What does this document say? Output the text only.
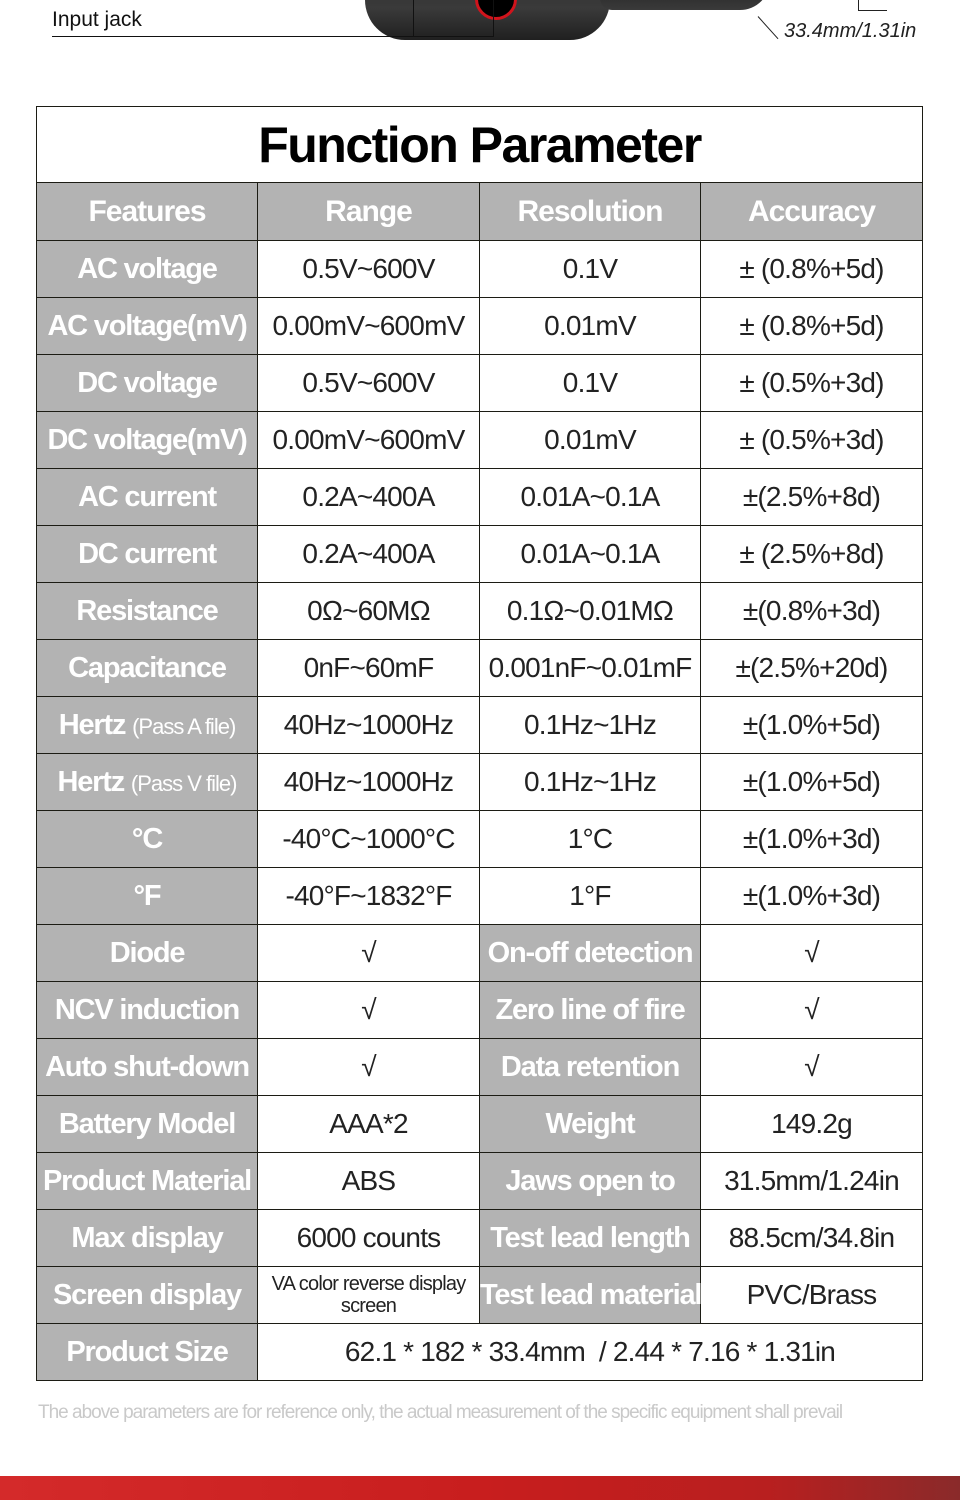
Input jack	33.4mm/1.31in
Function Parameter			
Features	Range	Resolution	Accuracy
AC voltage	0.5V~600V	0.1V	± (0.8%+5d)
AC voltage(mV)	0.00mV~600mV	0.01mV	± (0.8%+5d)
DC voltage	0.5V~600V	0.1V	± (0.5%+3d)
DC voltage(mV)	0.00mV~600mV	0.01mV	± (0.5%+3d)
AC current	0.2A~400A	0.01A~0.1A	±(2.5%+8d)
DC current	0.2A~400A	0.01A~0.1A	± (2.5%+8d)
Resistance	0Ω~60MΩ	0.1Ω~0.01MΩ	±(0.8%+3d)
Capacitance	0nF~60mF	0.001nF~0.01mF	±(2.5%+20d)
Hertz (Pass A file)	40Hz~1000Hz	0.1Hz~1Hz	±(1.0%+5d)
Hertz (Pass V file)	40Hz~1000Hz	0.1Hz~1Hz	±(1.0%+5d)
°C	-40°C~1000°C	1°C	±(1.0%+3d)
°F	-40°F~1832°F	1°F	±(1.0%+3d)
Diode	√	On-off detection	√
NCV induction	√	Zero line of fire	√
Auto shut-down	√	Data retention	√
Battery Model	AAA*2	Weight	149.2g
Product Material	ABS	Jaws open to	31.5mm/1.24in
Max display	6000 counts	Test lead length	88.5cm/34.8in
Screen display	VA color reverse display screen	Test lead material	PVC/Brass
Product Size	62.1 * 182 * 33.4mm  / 2.44 * 7.16 * 1.31in		
The above parameters are for reference only, the actual measurement of the specific equipment shall prevail
